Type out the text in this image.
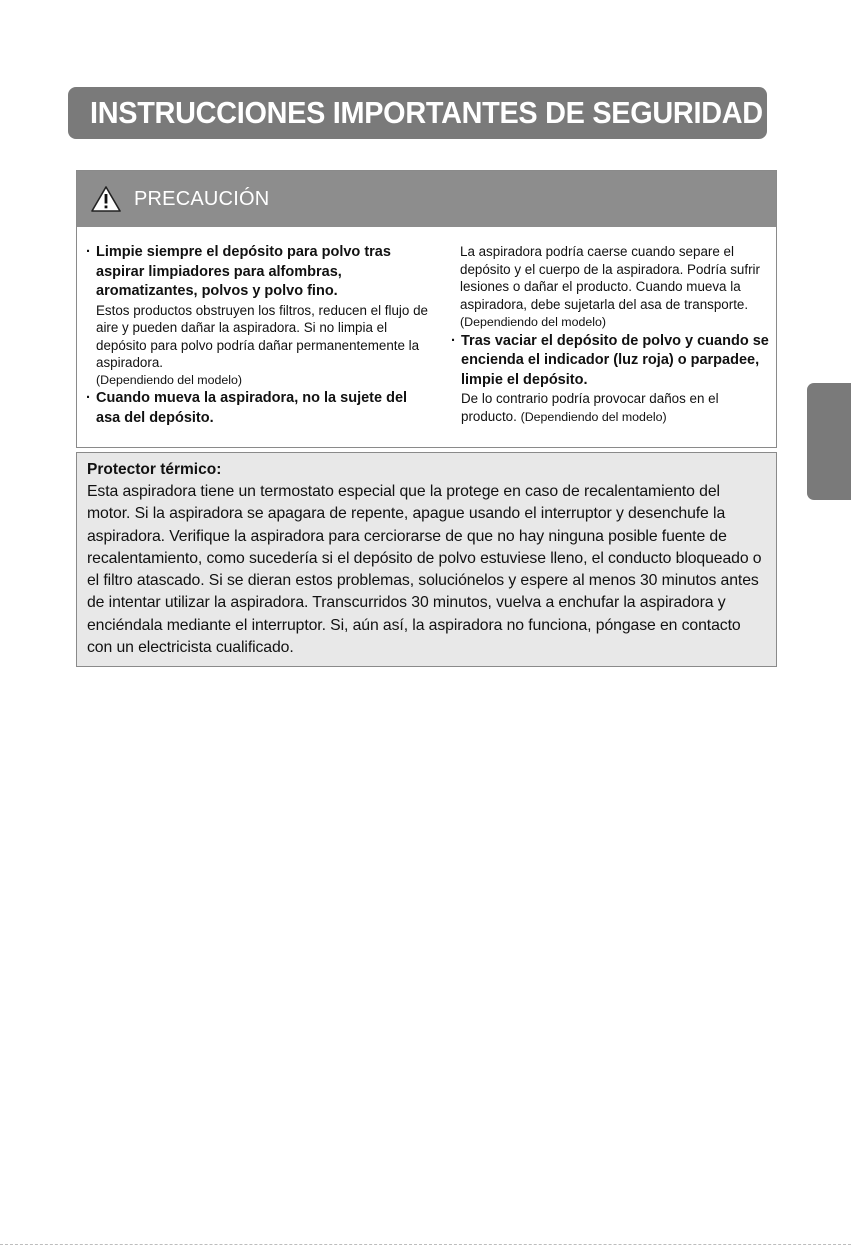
INSTRUCCIONES IMPORTANTES DE SEGURIDAD
PRECAUCIÓN
· Limpie siempre el depósito para polvo tras aspirar limpiadores para alfombras, aromatizantes, polvos y polvo fino.
Estos productos obstruyen los filtros, reducen el flujo de aire y pueden dañar la aspiradora. Si no limpia el depósito para polvo podría dañar permanentemente la aspiradora.
(Dependiendo del modelo)
· Cuando mueva la aspiradora, no la sujete del asa del depósito.
La aspiradora podría caerse cuando separe el depósito y el cuerpo de la aspiradora. Podría sufrir lesiones o dañar el producto. Cuando mueva la aspiradora, debe sujetarla del asa de transporte. (Dependiendo del modelo)
· Tras vaciar el depósito de polvo y cuando se encienda el indicador (luz roja) o parpadee, limpie el depósito.
De lo contrario podría provocar daños en el producto. (Dependiendo del modelo)
Protector térmico:
Esta aspiradora tiene un termostato especial que la protege en caso de recalentamiento del motor. Si la aspiradora se apagara de repente, apague usando el interruptor y desenchufe la aspiradora. Verifique la aspiradora para cerciorarse de que no hay ninguna posible fuente de recalentamiento, como sucedería si el depósito de polvo estuviese lleno, el conducto bloqueado o el filtro atascado. Si se dieran estos problemas, soluciónelos y espere al menos 30 minutos antes de intentar utilizar la aspiradora. Transcurridos 30 minutos, vuelva a enchufar la aspiradora y enciéndala mediante el interruptor. Si, aún así, la aspiradora no funciona, póngase en contacto con un electricista cualificado.
